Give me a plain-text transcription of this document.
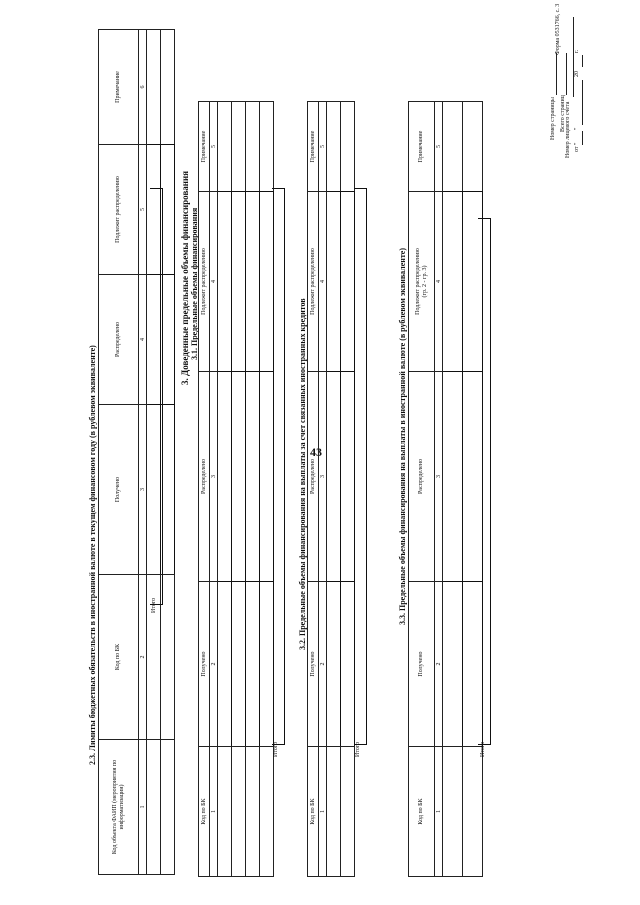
43
Форма 0531766, с. 3
Номер лицевого счета от "
"
20
г.
Номер страницы Всего страниц
2.3. Лимиты бюджетных обязательств в иностранной валюте в текущем финансовом году (в рублевом эквиваленте)
Код объекта ФАИП (мероприятия по информатизации)	Код по БК	Получено	Распределено	Подлежит распределению	Примечание
1	2	3	4	5	6

Итого
3. Доведенные предельные объемы финансирования 3.1. Предельные объемы финансирования
Код по БК	Получено	Распределено	Подлежит распределению	Примечание
1	2	3	4	5

Итого
3.2. Предельные объемы финансирования на выплаты за счет связанных иностранных кредитов
Код по БК	Получено	Распределено	Подлежит распределению	Примечание
1	2	3	4	5

Итого
3.3. Предельные объемы финансирования на выплаты в иностранной валюте (в рублевом эквиваленте)
Код по БК	Получено	Распределено	Подлежит распределению (гр. 2 - гр. 3)	Примечание
1	2	3	4	5

Итого
